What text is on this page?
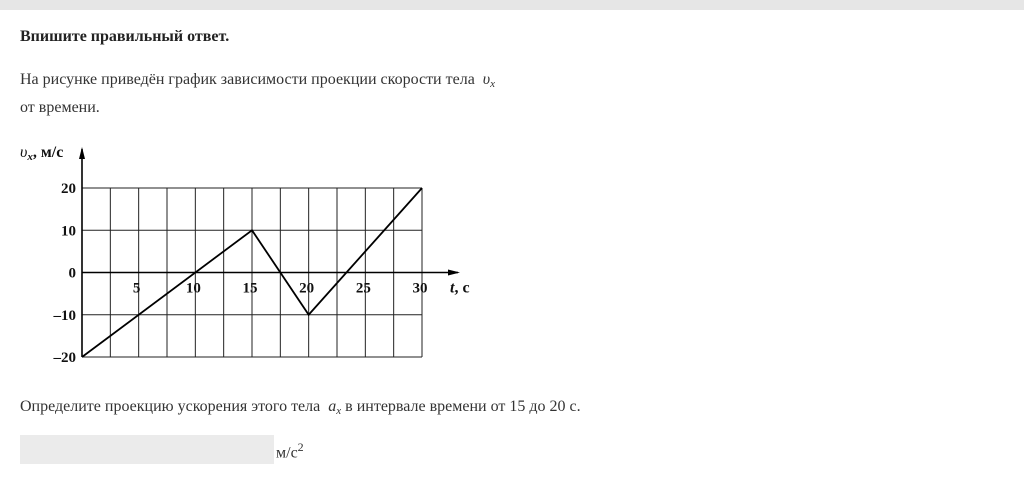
Впишите правильный ответ.
На рисунке приведён график зависимости проекции скорости тела $\upsilon_x$
от времени.
20
10
0
–10
–20
5	10	15	20	25	30
υx, м/с
t, с
Определите проекцию ускорения этого тела $a_x$ в интервале времени от 15 до 20 с.
$м/с^2$
